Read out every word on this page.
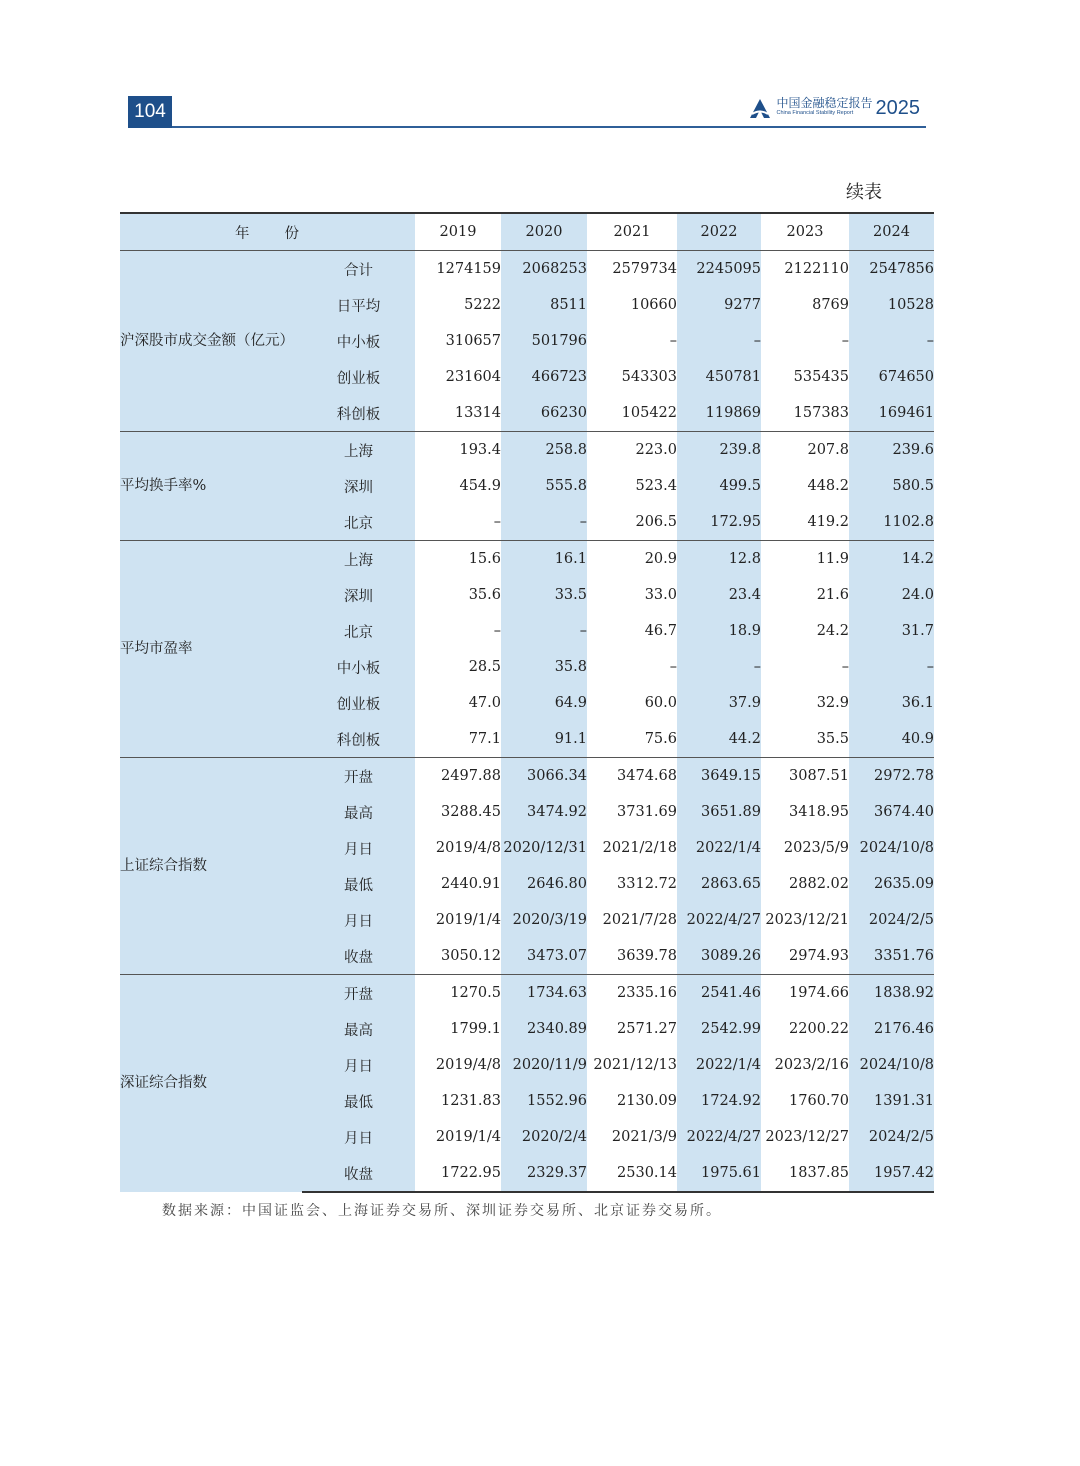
104	中国金融稳定报告
China Financial Stability Report	2025
续表
年 份		2019	2020	2021	2022	2023	2024
沪深股市成交金额（亿元）	合计	1274159	2068253	2579734	2245095	2122110	2547856
	日平均	5222	8511	10660	9277	8769	10528
	中小板	310657	501796	–	–	–	–
	创业板	231604	466723	543303	450781	535435	674650
	科创板	13314	66230	105422	119869	157383	169461
平均换手率%	上海	193.4	258.8	223.0	239.8	207.8	239.6
	深圳	454.9	555.8	523.4	499.5	448.2	580.5
	北京	–	–	206.5	172.95	419.2	1102.8
平均市盈率	上海	15.6	16.1	20.9	12.8	11.9	14.2
	深圳	35.6	33.5	33.0	23.4	21.6	24.0
	北京	–	–	46.7	18.9	24.2	31.7
	中小板	28.5	35.8	–	–	–	–
	创业板	47.0	64.9	60.0	37.9	32.9	36.1
	科创板	77.1	91.1	75.6	44.2	35.5	40.9
上证综合指数	开盘	2497.88	3066.34	3474.68	3649.15	3087.51	2972.78
	最高	3288.45	3474.92	3731.69	3651.89	3418.95	3674.40
	月日	2019/4/8	2020/12/31	2021/2/18	2022/1/4	2023/5/9	2024/10/8
	最低	2440.91	2646.80	3312.72	2863.65	2882.02	2635.09
	月日	2019/1/4	2020/3/19	2021/7/28	2022/4/27	2023/12/21	2024/2/5
	收盘	3050.12	3473.07	3639.78	3089.26	2974.93	3351.76
深证综合指数	开盘	1270.5	1734.63	2335.16	2541.46	1974.66	1838.92
	最高	1799.1	2340.89	2571.27	2542.99	2200.22	2176.46
	月日	2019/4/8	2020/11/9	2021/12/13	2022/1/4	2023/2/16	2024/10/8
	最低	1231.83	1552.96	2130.09	1724.92	1760.70	1391.31
	月日	2019/1/4	2020/2/4	2021/3/9	2022/4/27	2023/12/27	2024/2/5
	收盘	1722.95	2329.37	2530.14	1975.61	1837.85	1957.42
数据来源：中国证监会、上海证券交易所、深圳证券交易所、北京证券交易所。
